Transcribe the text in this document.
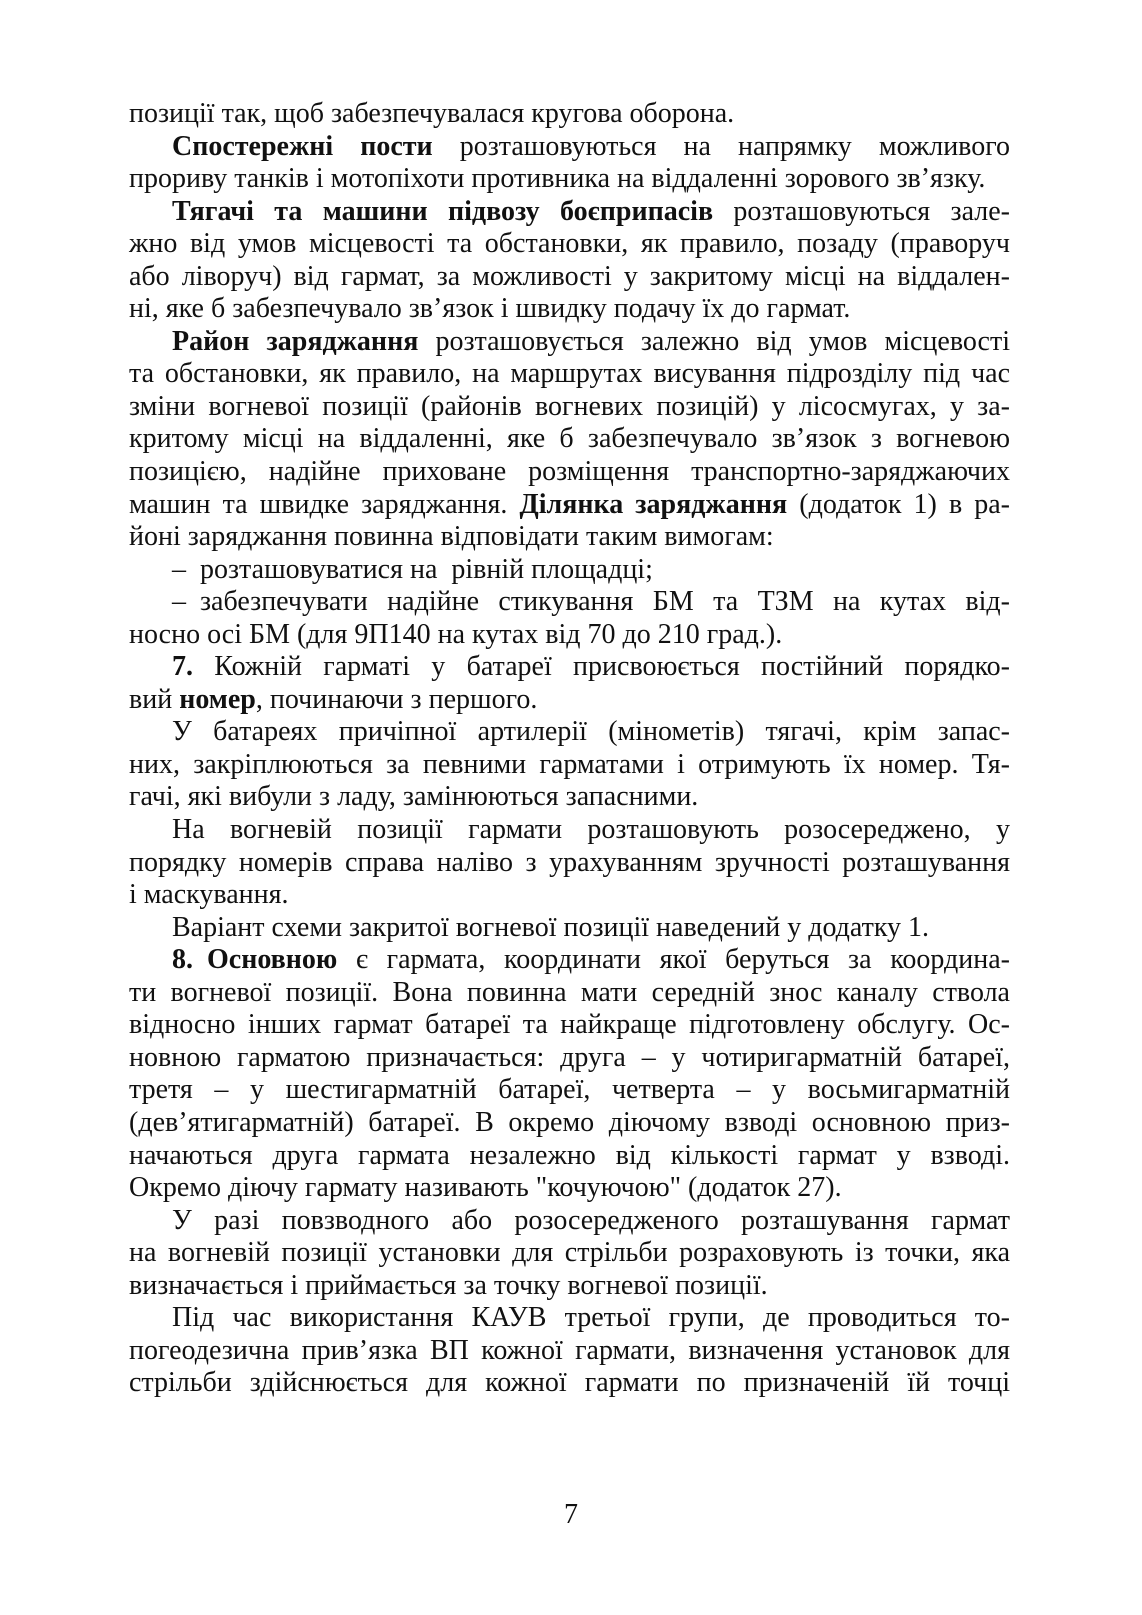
позиції так, щоб забезпечувалася кругова оборона.
Спостережні пости розташовуються на напрямку можливого
прориву танків і мотопіхоти противника на віддаленні зорового зв’язку.
Тягачі та машини підвозу боєприпасів розташовуються зале-
жно від умов місцевості та обстановки, як правило, позаду (праворуч
або ліворуч) від гармат, за можливості у закритому місці на віддален-
ні, яке б забезпечувало зв’язок і швидку подачу їх до гармат.
Район заряджання розташовується залежно від умов місцевості
та обстановки, як правило, на маршрутах висування підрозділу під час
зміни вогневої позиції (районів вогневих позицій) у лісосмугах, у за-
критому місці на віддаленні, яке б забезпечувало зв’язок з вогневою
позицією, надійне приховане розміщення транспортно-заряджаючих
машин та швидке заряджання. Ділянка заряджання (додаток 1) в ра-
йоні заряджання повинна відповідати таким вимогам:
– розташовуватися на  рівній площадці;
– забезпечувати надійне стикування БМ та ТЗМ на кутах від-
носно осі БМ (для 9П140 на кутах від 70 до 210 град.).
7. Кожній гарматі у батареї присвоюється постійний порядко-
вий номер, починаючи з першого.
У батареях причіпної артилерії (мінометів) тягачі, крім запас-
них, закріплюються за певними гарматами і отримують їх номер. Тя-
гачі, які вибули з ладу, замінюються запасними.
На вогневій позиції гармати розташовують розосереджено, у
порядку номерів справа наліво з урахуванням зручності розташування
і маскування.
Варіант схеми закритої вогневої позиції наведений у додатку 1.
8. Основною є гармата, координати якої беруться за координа-
ти вогневої позиції. Вона повинна мати середній знос каналу ствола
відносно інших гармат батареї та найкраще підготовлену обслугу. Ос-
новною гарматою призначається: друга – у чотиригарматній батареї,
третя – у шестигарматній батареї, четверта – у восьмигарматній
(дев’ятигарматній) батареї. В окремо діючому взводі основною приз-
начаються друга гармата незалежно від кількості гармат у взводі.
Окремо діючу гармату називають "кочуючою" (додаток 27).
У разі повзводного або розосередженого розташування гармат
на вогневій позиції установки для стрільби розраховують із точки, яка
визначається і приймається за точку вогневої позиції.
Під час використання КАУВ третьої групи, де проводиться то-
погеодезична прив’язка ВП кожної гармати, визначення установок для
стрільби здійснюється для кожної гармати по призначеній їй точці
7
